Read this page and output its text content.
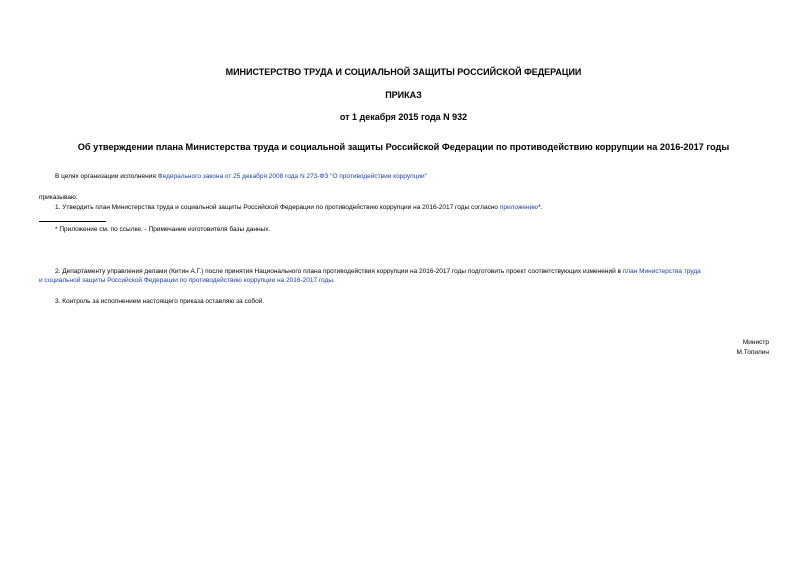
МИНИСТЕРСТВО ТРУДА И СОЦИАЛЬНОЙ ЗАЩИТЫ РОССИЙСКОЙ ФЕДЕРАЦИИ
ПРИКАЗ
от 1 декабря 2015 года N 932
Об утверждении плана Министерства труда и социальной защиты Российской Федерации по противодействию коррупции на 2016-2017 годы
В целях организации исполнения Федерального закона от 25 декабря 2008 года N 273-ФЗ "О противодействии коррупции"
приказываю:
1. Утвердить план Министерства труда и социальной защиты Российской Федерации по противодействию коррупции на 2016-2017 годы согласно приложению*.
* Приложение см. по ссылке. - Примечание изготовителя базы данных.
2. Департаменту управления делами (Китин А.Г.) после принятия Национального плана противодействия коррупции на 2016-2017 годы подготовить проект соответствующих изменений в план Министерства труда
и социальной защиты Российской Федерации по противодействию коррупции на 2016-2017 годы.
3. Контроль за исполнением настоящего приказа оставляю за собой.
Министр
М.Топилин
